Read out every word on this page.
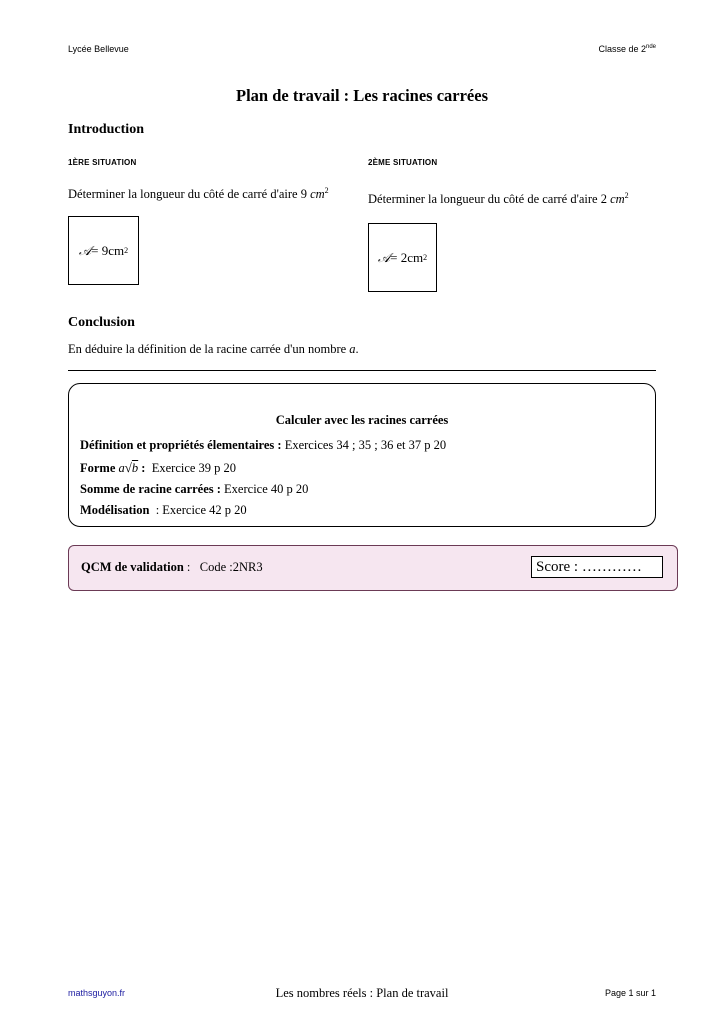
Lycée Bellevue	Classe de 2nde
Plan de travail : Les racines carrées
Introduction
1ÈRE SITUATION
Déterminer la longueur du côté de carré d'aire 9 $cm^2$
𝒜 = 9cm 2
2ÈME SITUATION
Déterminer la longueur du côté de carré d'aire 2 $cm^2$
𝒜 = 2cm 2
Conclusion
En déduire la définition de la racine carrée d'un nombre a.
Calculer avec les racines carrées
Définition et propriétés élementaires : Exercices 34 ; 35 ; 36 et 37 p 20
Forme a√b : Exercice 39 p 20
Somme de racine carrées : Exercice 40 p 20
Modélisation : Exercice 42 p 20
QCM de validation : Code :2NR3	Score : …………
mathsguyon.fr	Les nombres réels : Plan de travail	Page 1 sur 1
